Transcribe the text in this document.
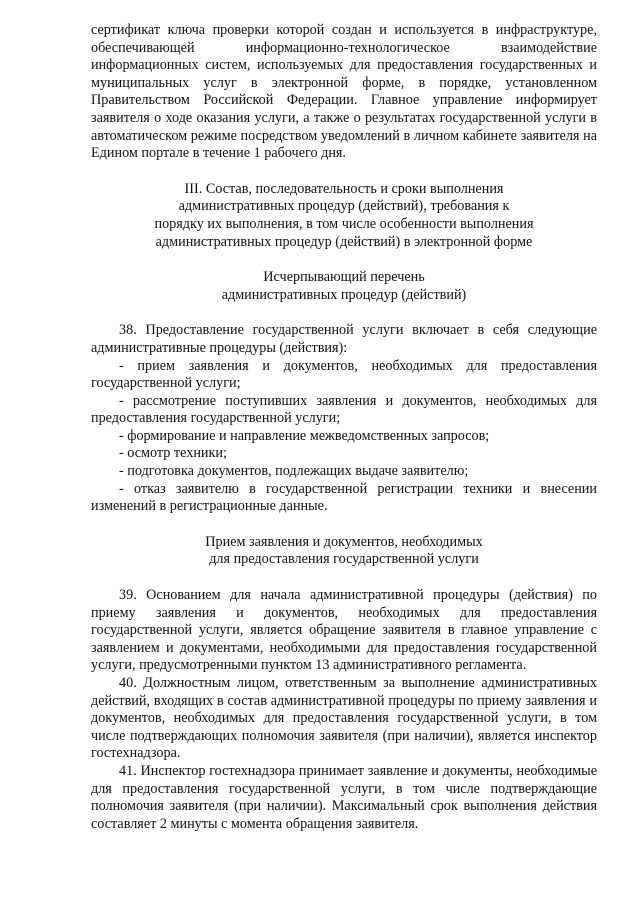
сертификат ключа проверки которой создан и используется в инфраструктуре, обеспечивающей информационно-технологическое взаимодействие информационных систем, используемых для предоставления государственных и муниципальных услуг в электронной форме, в порядке, установленном Правительством Российской Федерации. Главное управление информирует заявителя о ходе оказания услуги, а также о результатах государственной услуги в автоматическом режиме посредством уведомлений в личном кабинете заявителя на Едином портале в течение 1 рабочего дня.

III. Состав, последовательность и сроки выполнения
административных процедур (действий), требования к
порядку их выполнения, в том числе особенности выполнения
административных процедур (действий) в электронной форме
Исчерпывающий перечень
административных процедур (действий)

38. Предоставление государственной услуги включает в себя следующие административные процедуры (действия):

- прием заявления и документов, необходимых для предоставления государственной услуги;

- рассмотрение поступивших заявления и документов, необходимых для предоставления государственной услуги;

- формирование и направление межведомственных запросов;

- осмотр техники;

- подготовка документов, подлежащих выдаче заявителю;

- отказ заявителю в государственной регистрации техники и внесении изменений в регистрационные данные.

Прием заявления и документов, необходимых
для предоставления государственной услуги

39. Основанием для начала административной процедуры (действия) по приему заявления и документов, необходимых для предоставления государственной услуги, является обращение заявителя в главное управление с заявлением и документами, необходимыми для предоставления государственной услуги, предусмотренными пунктом 13 административного регламента.

40. Должностным лицом, ответственным за выполнение административных действий, входящих в состав административной процедуры по приему заявления и документов, необходимых для предоставления государственной услуги, в том числе подтверждающих полномочия заявителя (при наличии), является инспектор гостехнадзора.

41. Инспектор гостехнадзора принимает заявление и документы, необходимые для предоставления государственной услуги, в том числе подтверждающие полномочия заявителя (при наличии). Максимальный срок выполнения действия составляет 2 минуты с момента обращения заявителя.
